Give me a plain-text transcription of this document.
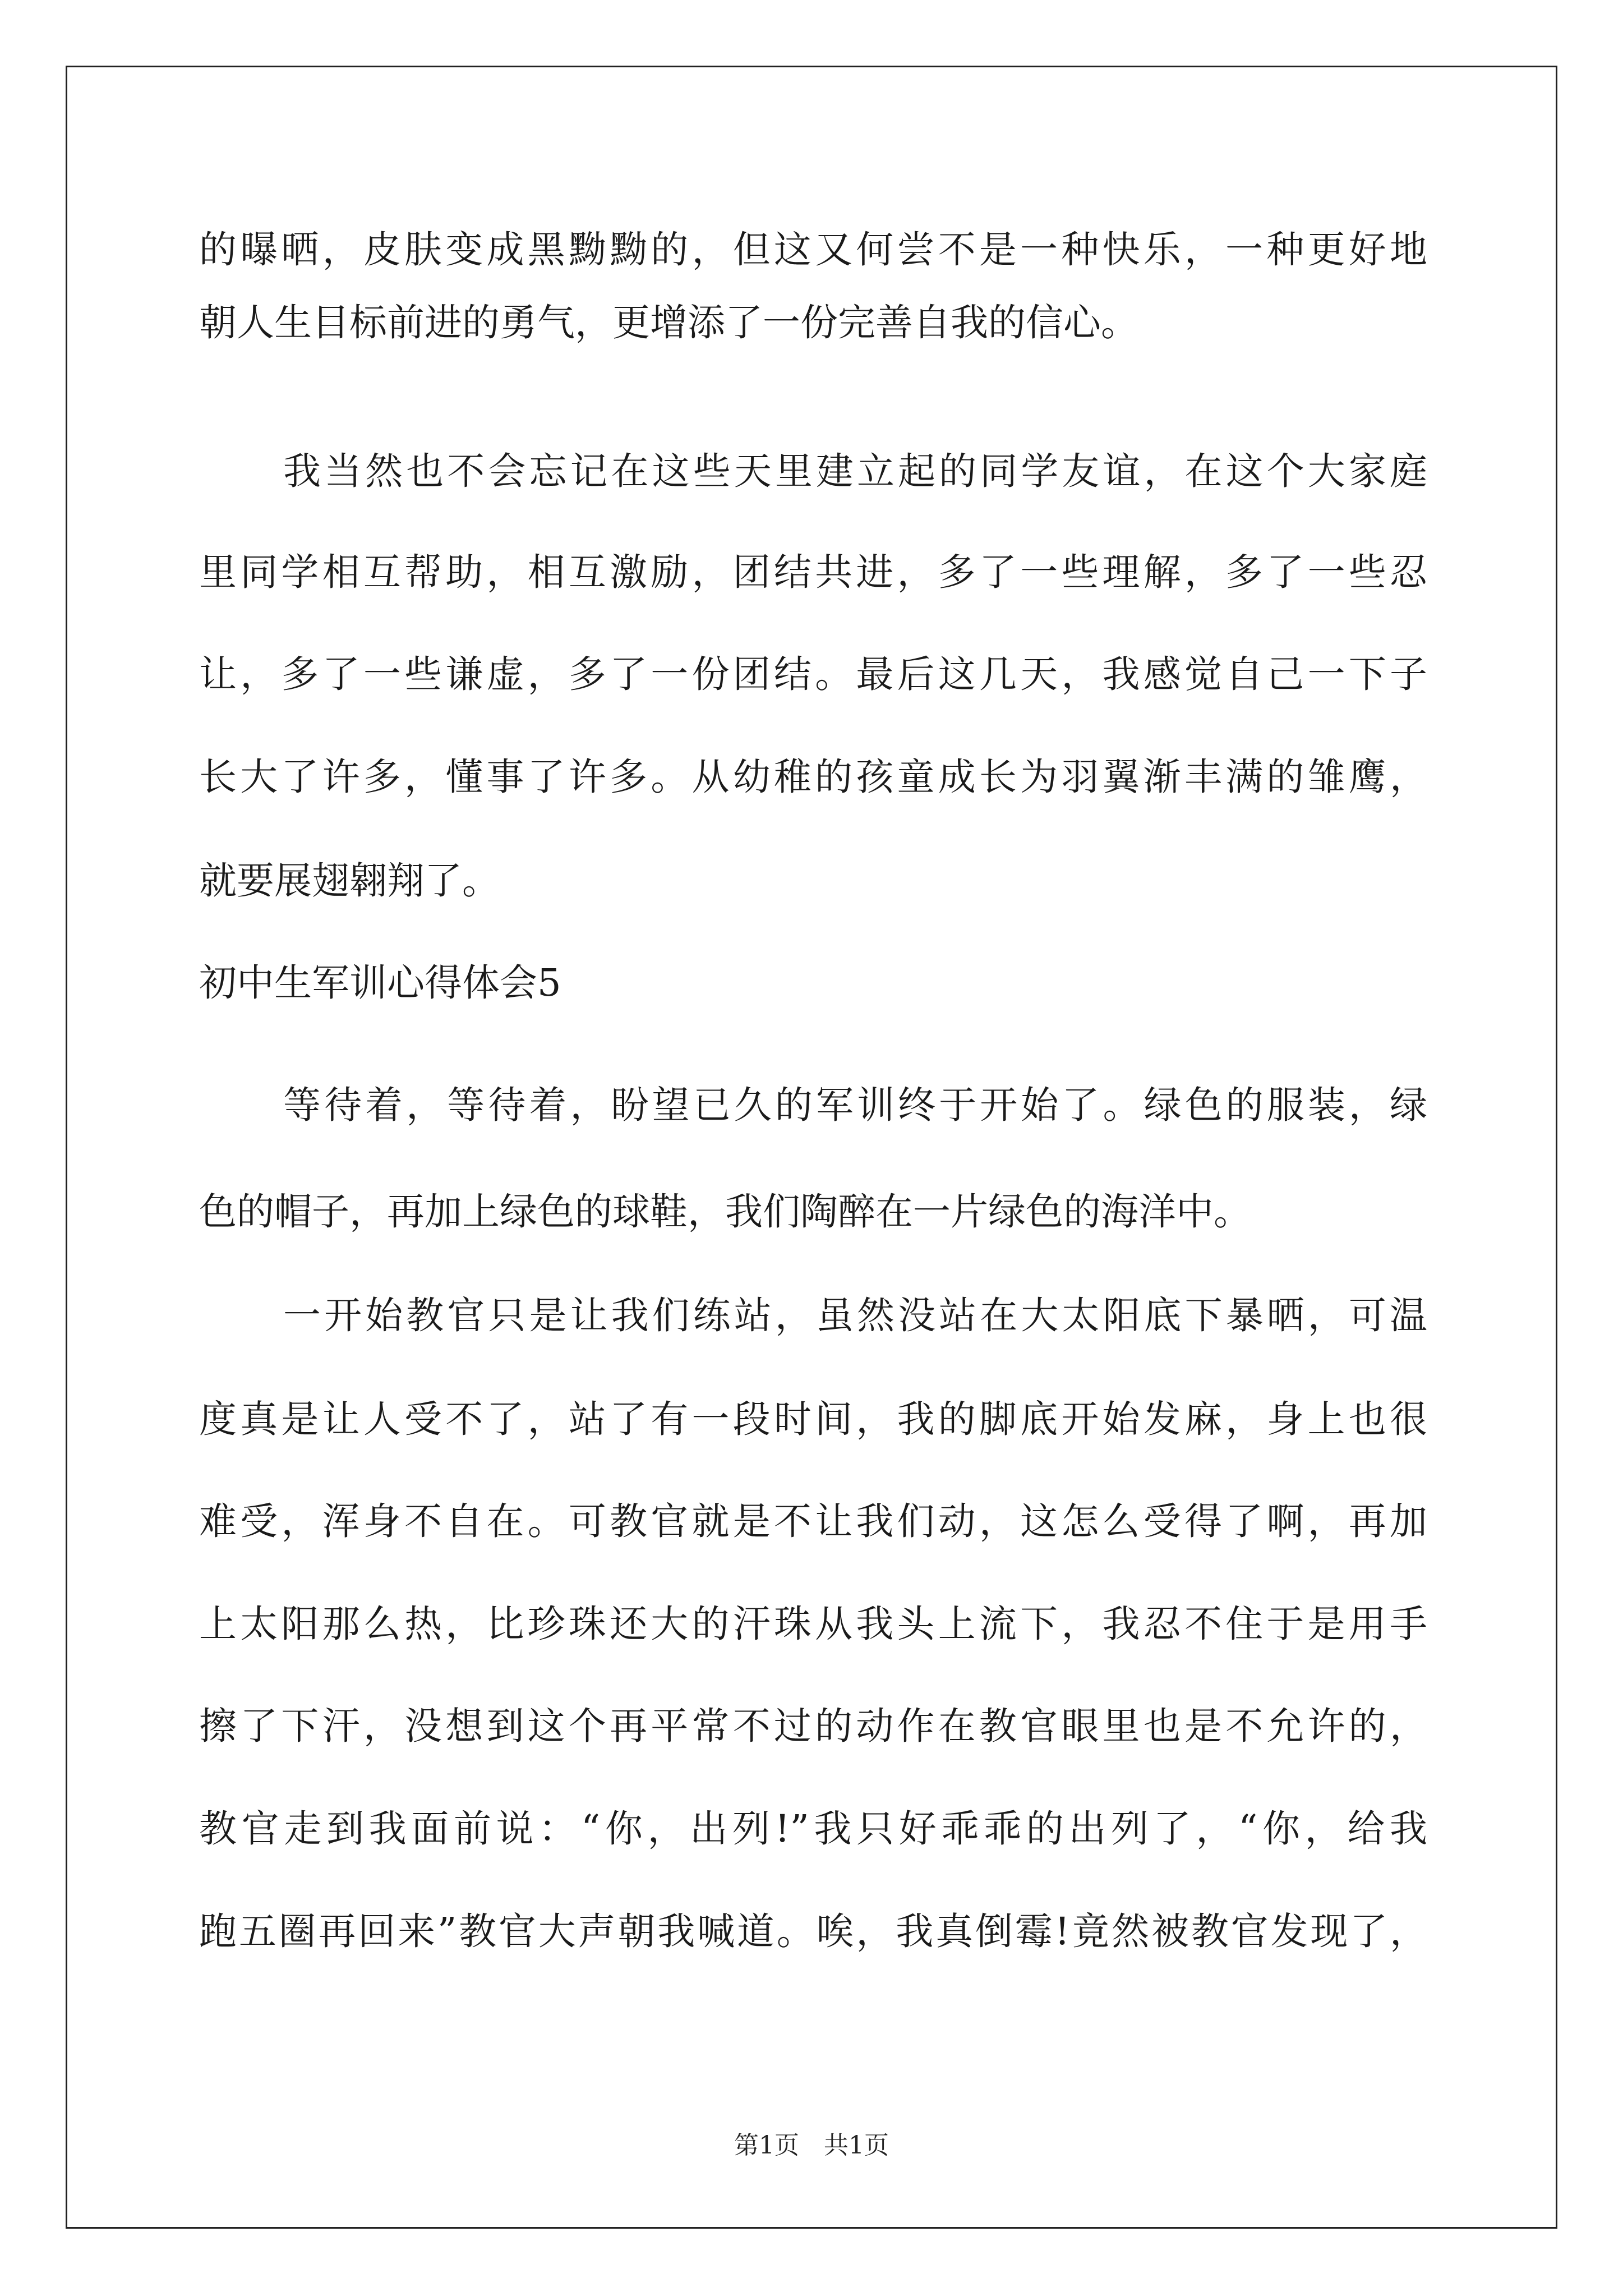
的曝晒，皮肤变成黑黝黝的，但这又何尝不是一种快乐，一种更好地
朝人生目标前进的勇气，更增添了一份完善自我的信心。
我当然也不会忘记在这些天里建立起的同学友谊，在这个大家庭
里同学相互帮助，相互激励，团结共进，多了一些理解，多了一些忍
让，多了一些谦虚，多了一份团结。最后这几天，我感觉自己一下子
长大了许多，懂事了许多。从幼稚的孩童成长为羽翼渐丰满的雏鹰，
就要展翅翱翔了。
初中生军训心得体会5
等待着，等待着，盼望已久的军训终于开始了。绿色的服装，绿
色的帽子，再加上绿色的球鞋，我们陶醉在一片绿色的海洋中。
一开始教官只是让我们练站，虽然没站在大太阳底下暴晒，可温
度真是让人受不了，站了有一段时间，我的脚底开始发麻，身上也很
难受，浑身不自在。可教官就是不让我们动，这怎么受得了啊，再加
上太阳那么热，比珍珠还大的汗珠从我头上流下，我忍不住于是用手
擦了下汗，没想到这个再平常不过的动作在教官眼里也是不允许的，
教官走到我面前说：“你，出列!”我只好乖乖的出列了，“你，给我
跑五圈再回来”教官大声朝我喊道。唉，我真倒霉!竟然被教官发现了，
第1页　共1页
